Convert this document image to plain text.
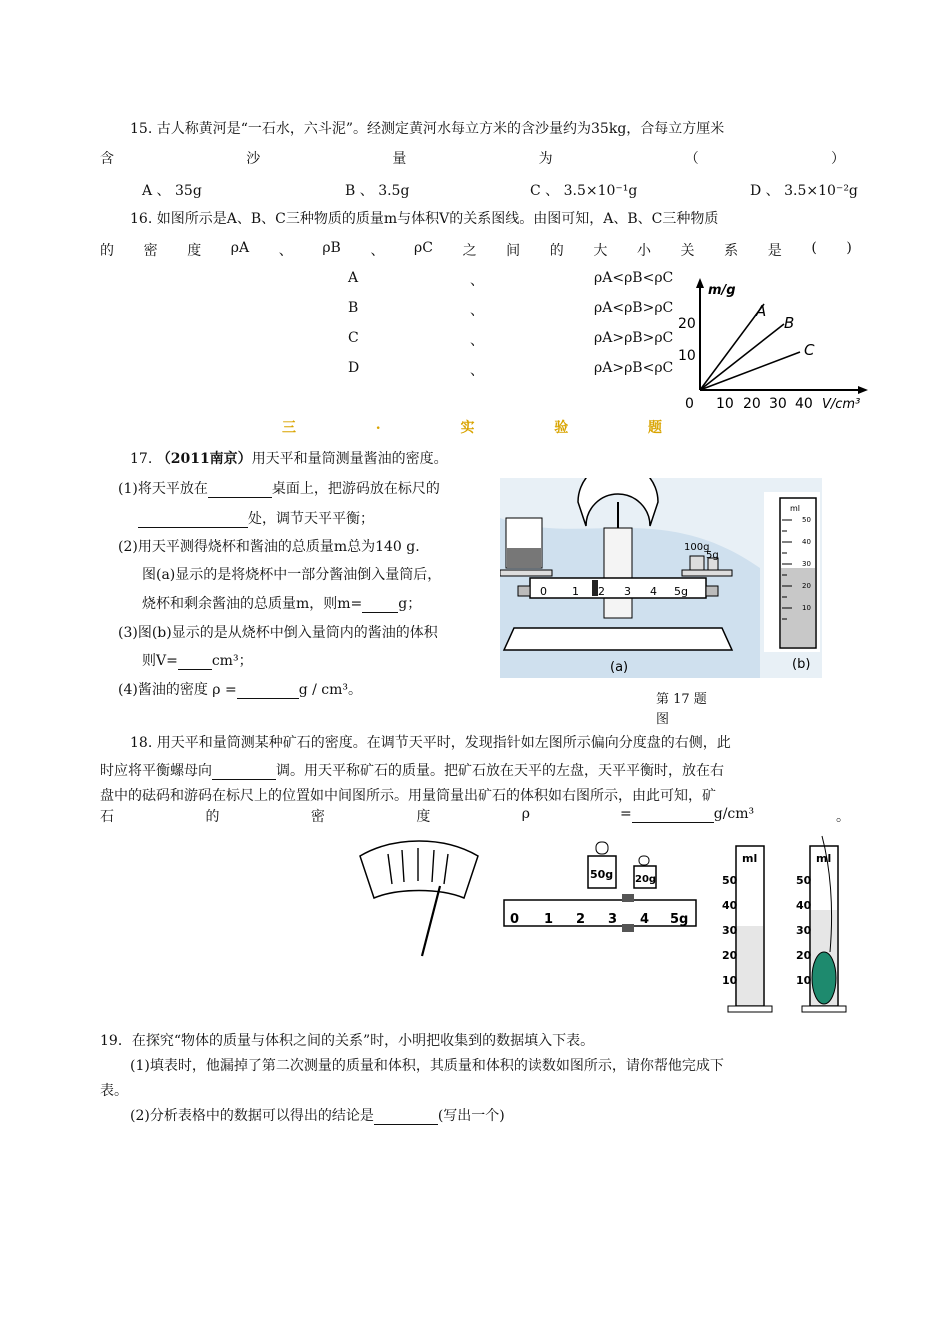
15. 古人称黄河是“一石水，六斗泥”。经测定黄河水每立方米的含沙量约为35kg，合每立方厘米
含	沙	量	为	（	）
A 、 35g	B 、 3.5g	C 、 3.5×10⁻¹g	D 、 3.5×10⁻²g
16. 如图所示是A、B、C三种物质的质量m与体积V的关系图线。由图可知，A、B、C三种物质
的 密 度 ρA 、 ρB 、 ρC 之 间 的 大 小 关 系 是 ( )
A	、	ρA<ρB<ρC
B	、	ρA<ρB>ρC
C	、	ρA>ρB>ρC
D	、	ρA>ρB<ρC
m/g
A
B
C
20
10
0 10 20 30 40 V/cm³
三	.	实	验	题
17. （2011南京）用天平和量筒测量酱油的密度。
(1)将天平放在	桌面上，把游码放在标尺的
处，调节天平平衡；
(2)用天平测得烧杯和酱油的总质量m总为140 g.
图(a)显示的是将烧杯中一部分酱油倒入量筒后，
烧杯和剩余酱油的总质量m，则m=	g；
(3)图(b)显示的是从烧杯中倒入量筒内的酱油的体积
则V= cm³；
(4)酱油的密度 ρ =	g / cm³。
100g
5g
0 1 2 3 4 5g
(a)
ml
50
40
30
20
10
(b)
第 17 题
图
18. 用天平和量筒测某种矿石的密度。在调节天平时，发现指针如左图所示偏向分度盘的右侧，此
时应将平衡螺母向	调。用天平称矿石的质量。把矿石放在天平的左盘，天平平衡时，放在右
盘中的砝码和游码在标尺上的位置如中间图所示。用量筒量出矿石的体积如右图所示，由此可知，矿
石	的	密	度	ρ	=	g/cm³	。
50g 20g
0 1 2 3 4 5g
ml
50
40
30
20
10
ml
50
40
30
20
10
19．在探究“物体的质量与体积之间的关系”时，小明把收集到的数据填入下表。
(1)填表时，他漏掉了第二次测量的质量和体积，其质量和体积的读数如图所示，请你帮他完成下
表。
(2)分析表格中的数据可以得出的结论是	(写出一个)
